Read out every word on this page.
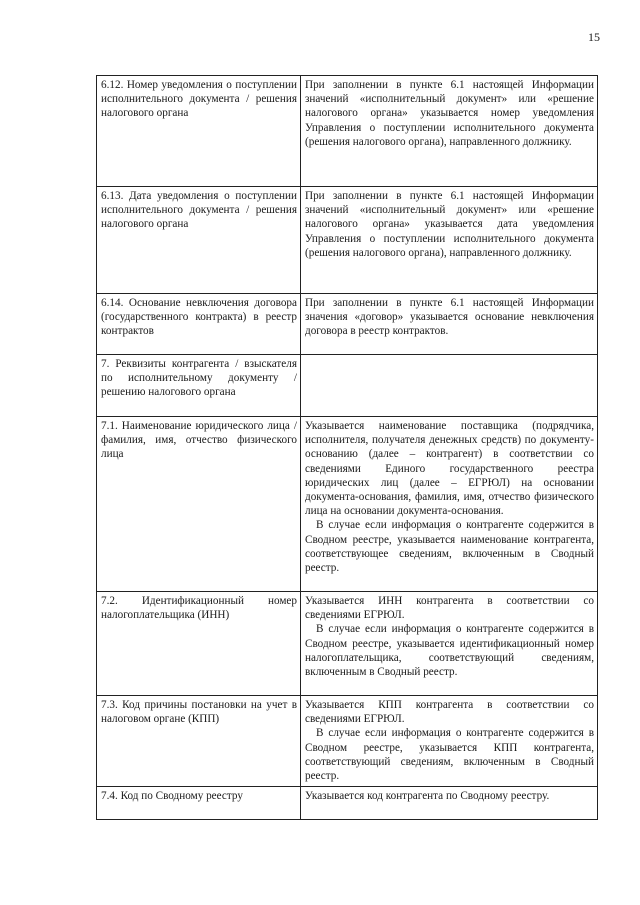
15
6.12. Номер уведомления о поступлении исполнительного документа / решения налогового органа	При заполнении в пункте 6.1 настоящей Информации значений «исполнительный документ» или «решение налогового органа» указывается номер уведомления Управления о поступлении исполнительного документа (решения налогового органа), направленного должнику.

6.13. Дата уведомления о поступлении исполнительного документа / решения налогового органа	При заполнении в пункте 6.1 настоящей Информации значений «исполнительный документ» или «решение налогового органа» указывается дата уведомления Управления о поступлении исполнительного документа (решения налогового органа), направленного должнику.

6.14. Основание невключения договора (государственного контракта) в реестр контрактов	При заполнении в пункте 6.1 настоящей Информации значения «договор» указывается основание невключения договора в реестр контрактов.

7. Реквизиты контрагента / взыскателя по исполнительному документу / решению налогового органа	
7.1. Наименование юридического лица / фамилия, имя, отчество физического лица	Указывается наименование поставщика (подрядчика, исполнителя, получателя денежных средств) по документу-основанию (далее – контрагент) в соответствии со сведениями Единого государственного реестра юридических лиц (далее – ЕГРЮЛ) на основании документа-основания, фамилия, имя, отчество физического лица на основании документа-основания.
В случае если информация о контрагенте содержится в Сводном реестре, указывается наименование контрагента, соответствующее сведениям, включенным в Сводный реестр.

7.2. Идентификационный номер налогоплательщика (ИНН)	Указывается ИНН контрагента в соответствии со сведениями ЕГРЮЛ.
В случае если информация о контрагенте содержится в Сводном реестре, указывается идентификационный номер налогоплательщика, соответствующий сведениям, включенным в Сводный реестр.

7.3. Код причины постановки на учет в налоговом органе (КПП)	Указывается КПП контрагента в соответствии со сведениями ЕГРЮЛ.
В случае если информация о контрагенте содержится в Сводном реестре, указывается КПП контрагента, соответствующий сведениям, включенным в Сводный реестр.

7.4. Код по Сводному реестру	Указывается код контрагента по Сводному реестру.
